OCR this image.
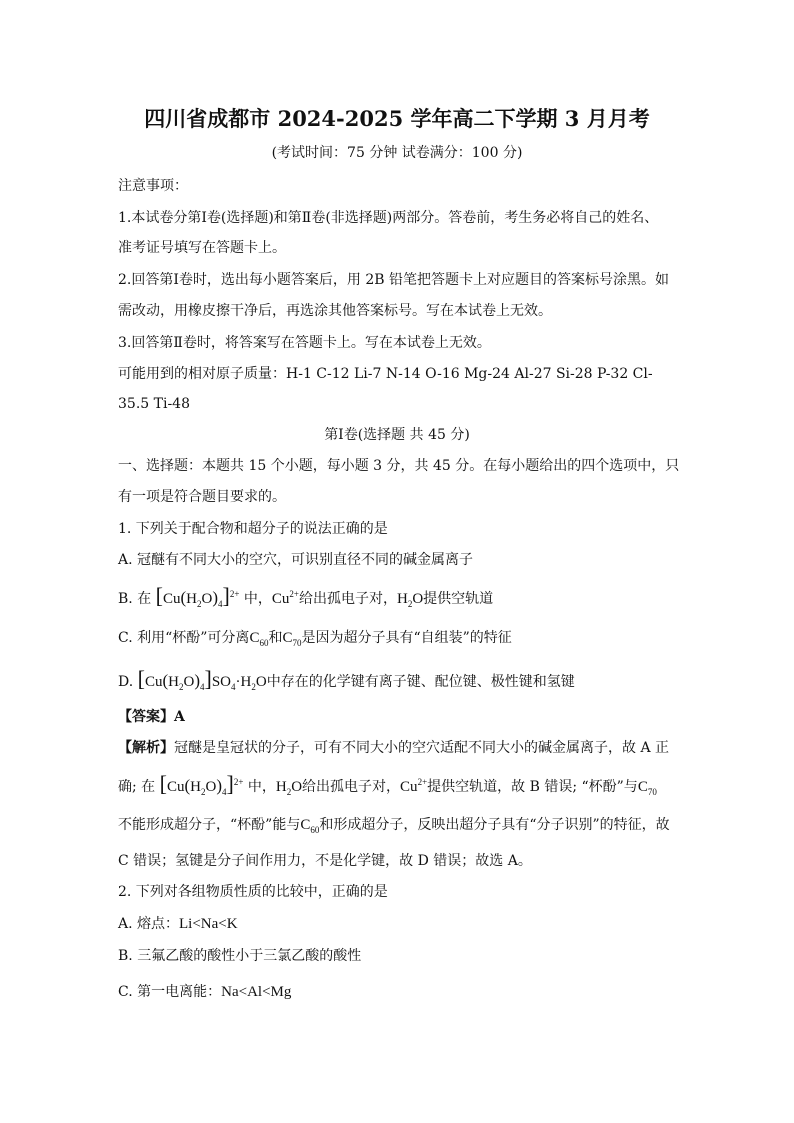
四川省成都市 2024-2025 学年高二下学期 3 月月考
(考试时间：75 分钟 试卷满分：100 分)
注意事项：
1.本试卷分第Ⅰ卷(选择题)和第Ⅱ卷(非选择题)两部分。答卷前，考生务必将自己的姓名、
准考证号填写在答题卡上。
2.回答第Ⅰ卷时，选出每小题答案后，用 2B 铅笔把答题卡上对应题目的答案标号涂黑。如
需改动，用橡皮擦干净后，再选涂其他答案标号。写在本试卷上无效。
3.回答第Ⅱ卷时，将答案写在答题卡上。写在本试卷上无效。
可能用到的相对原子质量：H-1 C-12 Li-7 N-14 O-16 Mg-24 Al-27 Si-28 P-32 Cl-
35.5 Ti-48
第Ⅰ卷(选择题 共 45 分)
一、选择题：本题共 15 个小题，每小题 3 分，共 45 分。在每小题给出的四个选项中，只
有一项是符合题目要求的。
1. 下列关于配合物和超分子的说法正确的是
A. 冠醚有不同大小的空穴，可识别直径不同的碱金属离子
B. 在 $[Cu(H_2O)_4]^{2+}$ 中，$Cu^{2+}$给出孤电子对，$H_2O$提供空轨道
C. 利用“杯酚”可分离$C_{60}$和$C_{70}$是因为超分子具有“自组装”的特征
D. $[Cu(H_2O)_4]SO_4\cdot H_2O$中存在的化学键有离子键、配位键、极性键和氢键
【答案】A
【解析】冠醚是皇冠状的分子，可有不同大小的空穴适配不同大小的碱金属离子，故 A 正
确; 在 $[Cu(H_2O)_4]^{2+}$ 中，$H_2O$给出孤电子对，$Cu^{2+}$提供空轨道，故 B 错误; “杯酚”与$C_{70}$
不能形成超分子，“杯酚”能与$C_{60}$和形成超分子，反映出超分子具有“分子识别”的特征，故
C 错误；氢键是分子间作用力，不是化学键，故 D 错误；故选 A。
2. 下列对各组物质性质的比较中，正确的是
A. 熔点：Li<Na<K
B. 三氟乙酸的酸性小于三氯乙酸的酸性
C. 第一电离能：Na<Al<Mg
